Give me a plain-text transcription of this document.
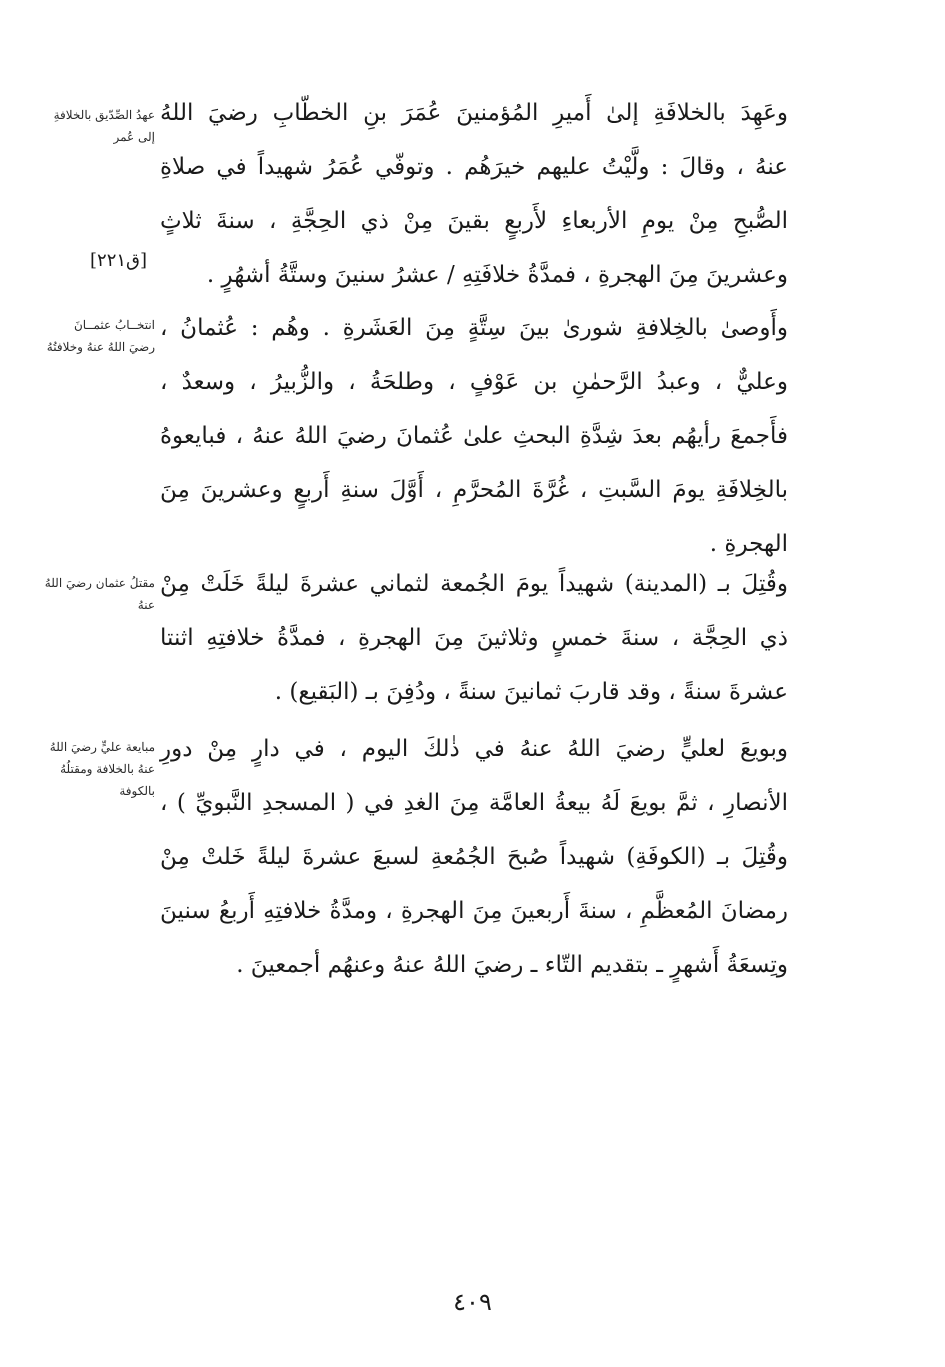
وعَهِدَ بالخلافَةِ إلىٰ أَميرِ المُؤمنينَ عُمَرَ بنِ الخطّابِ رضيَ اللهُ
عنهُ ، وقالَ : ولَّيْتُ عليهم خيرَهُم . وتوفّي عُمَرُ شهيداً في صلاةِ
الصُّبحِ مِنْ يومِ الأربعاءِ لأَربعٍ بقينَ مِنْ ذي الحِجَّةِ ، سنةَ ثلاثٍ
وعشرينَ مِنَ الهجرةِ ، فمدَّةُ خلافَتِهِ / عشرُ سنينَ وستَّةُ أشهُرٍ .
وأَوصىٰ بالخِلافةِ شورىٰ بينَ سِتَّةٍ مِنَ العَشَرةِ . وهُم : عُثمانُ ،
وعليٌّ ، وعبدُ الرَّحمٰنِ بن عَوْفٍ ، وطلحَةُ ، والزُّبيرُ ، وسعدٌ ،
فأَجمعَ رأيهُم بعدَ شِدَّةِ البحثِ علىٰ عُثمانَ رضيَ اللهُ عنهُ ، فبايعوهُ
بالخِلافَةِ يومَ السَّبتِ ، غُرَّةَ المُحرَّمِ ، أَوَّلَ سنةِ أَربعٍ وعشرينَ مِنَ
الهجرةِ .
وقُتِلَ بـ (المدينة) شهيداً يومَ الجُمعة لثماني عشرةَ ليلةً خَلَتْ مِنْ
ذي الحِجَّة ، سنةَ خمسٍ وثلاثينَ مِنَ الهجرةِ ، فمدَّةُ خلافتِهِ اثنتا
عشرةَ سنةً ، وقد قاربَ ثمانينَ سنةً ، ودُفِنَ بـ (البَقيع) .
وبويعَ لعليٍّ رضيَ اللهُ عنهُ في ذٰلكَ اليوم ، في دارٍ مِنْ دورِ
الأنصارِ ، ثمَّ بويعَ لَهُ بيعةُ العامَّة مِنَ الغدِ في ( المسجدِ النَّبويِّ ) ،
وقُتِلَ بـ (الكوفَةِ) شهيداً صُبحَ الجُمُعةِ لسبعَ عشرةَ ليلةً خَلتْ مِنْ
رمضانَ المُعظَّمِ ، سنةَ أَربعينَ مِنَ الهجرةِ ، ومدَّةُ خلافتِهِ أَربعُ سنينَ
وتِسعَةُ أَشهرٍ ـ بتقديم التّاء ـ رضيَ اللهُ عنهُ وعنهُم أجمعينَ .
عهدُ الصِّدّيق بالخلافةِ
إلى عُمر
انتخــابُ عثمــانَ
رضيَ اللهُ عنهُ وخلافتُهُ
مقتلُ عثمان رضيَ اللهُ
عنهُ
مبايعة عليٍّ رضيَ اللهُ
عنهُ بالخلافة ومقتلُهُ
بالكوفة
[ق٢٢١]
٤٠٩
